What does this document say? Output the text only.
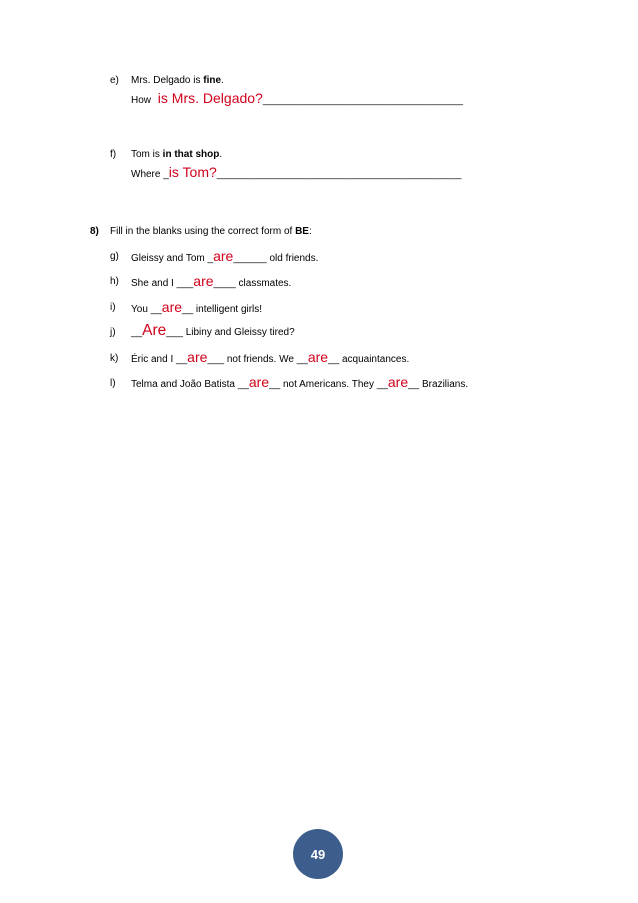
e) Mrs. Delgado is fine.
How is Mrs. Delgado?____________________________________
f) Tom is in that shop.
Where _is Tom?____________________________________________
8) Fill in the blanks using the correct form of BE:
g) Gleissy and Tom _are______ old friends.
h) She and I ___are____ classmates.
i) You __are__ intelligent girls!
j) __Are___ Libiny and Gleissy tired?
k) Éric and I __are___ not friends. We __are__ acquaintances.
l) Telma and João Batista __are__ not Americans. They __are__ Brazilians.
49
